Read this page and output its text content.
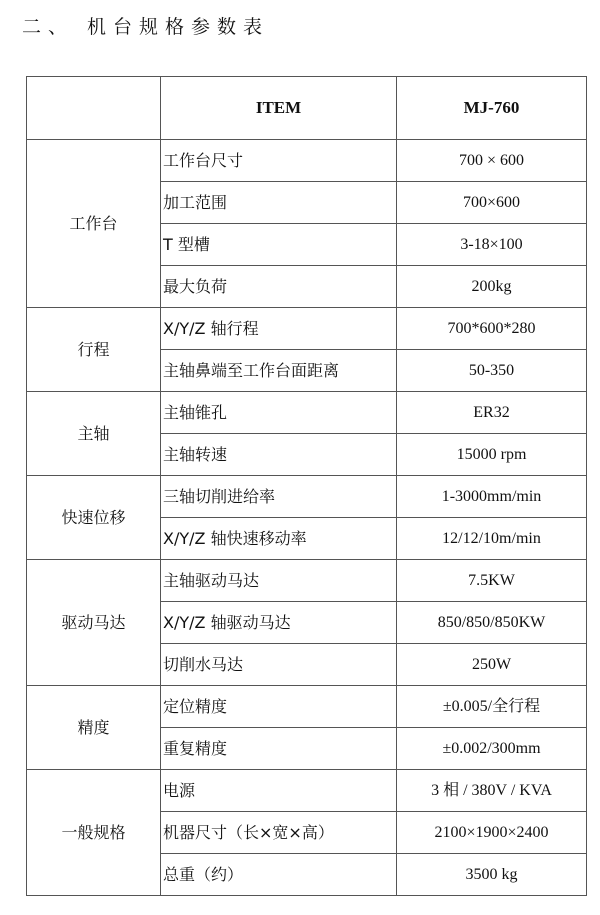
二、 机台规格参数表
	ITEM	MJ-760
工作台	工作台尺寸	700 × 600
	加工范围	700×600
	T 型槽	3-18×100
	最大负荷	200kg
行程	X/Y/Z 轴行程	700*600*280
	主轴鼻端至工作台面距离	50-350
主轴	主轴锥孔	ER32
	主轴转速	15000 rpm
快速位移	三轴切削进给率	1-3000mm/min
	X/Y/Z 轴快速移动率	12/12/10m/min
驱动马达	主轴驱动马达	7.5KW
	X/Y/Z 轴驱动马达	850/850/850KW
	切削水马达	250W
精度	定位精度	±0.005/全行程
	重复精度	±0.002/300mm
一般规格	电源	3 相 / 380V / KVA
	机器尺寸（长×宽×高）	2100×1900×2400
	总重（约）	3500 kg
